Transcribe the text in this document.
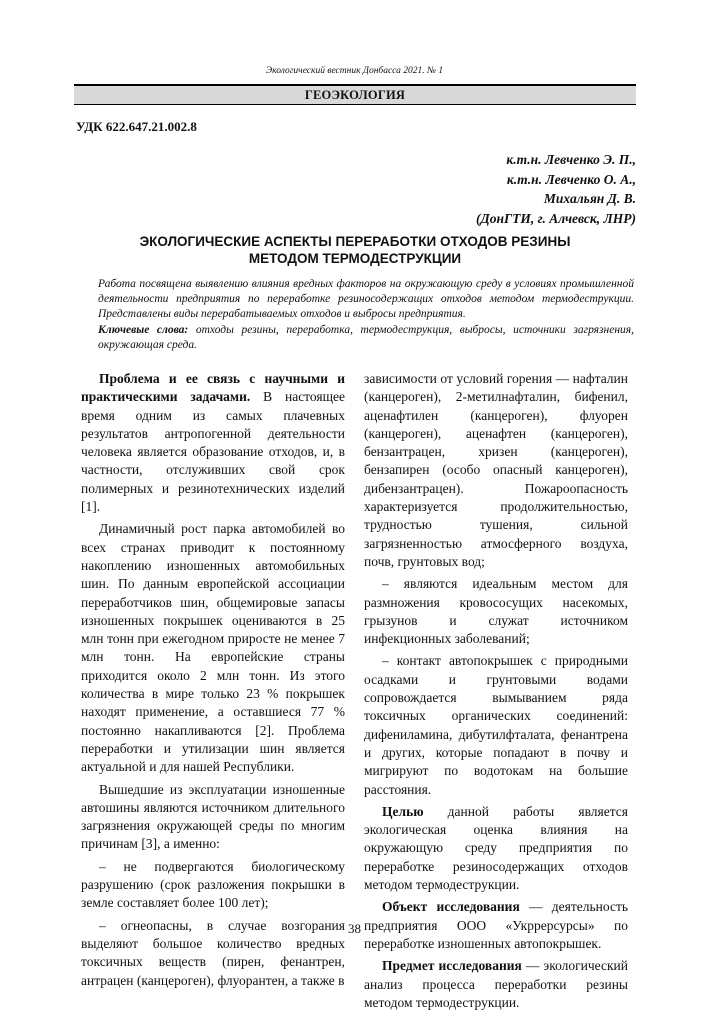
Экологический вестник Донбасса 2021. № 1
ГЕОЭКОЛОГИЯ
УДК 622.647.21.002.8
к.т.н. Левченко Э. П.,
к.т.н. Левченко О. А.,
Михальян Д. В.
(ДонГТИ, г. Алчевск, ЛНР)
ЭКОЛОГИЧЕСКИЕ АСПЕКТЫ ПЕРЕРАБОТКИ ОТХОДОВ РЕЗИНЫ
МЕТОДОМ ТЕРМОДЕСТРУКЦИИ
Работа посвящена выявлению влияния вредных факторов на окружающую среду в условиях промышленной деятельности предприятия по переработке резиносодержащих отходов методом термодеструкции. Представлены виды перерабатываемых отходов и выбросы предприятия.
Ключевые слова: отходы резины, переработка, термодеструкция, выбросы, источники загрязнения, окружающая среда.

Проблема и ее связь с научными и практическими задачами. В настоящее время одним из самых плачевных результатов антропогенной деятельности человека является образование отходов, и, в частности, отслуживших свой срок полимерных и резинотехнических изделий [1].

Динамичный рост парка автомобилей во всех странах приводит к постоянному накоплению изношенных автомобильных шин. По данным европейской ассоциации переработчиков шин, общемировые запасы изношенных покрышек оцениваются в 25 млн тонн при ежегодном приросте не менее 7 млн тонн. На европейские страны приходится около 2 млн тонн. Из этого количества в мире только 23 % покрышек находят применение, а оставшиеся 77 % постоянно накапливаются [2]. Проблема переработки и утилизации шин является актуальной и для нашей Республики.

Вышедшие из эксплуатации изношенные автошины являются источником длительного загрязнения окружающей среды по многим причинам [3], а именно:

– не подвергаются биологическому разрушению (срок разложения покрышки в земле составляет более 100 лет);

– огнеопасны, в случае возгорания выделяют большое количество вредных токсичных веществ (пирен, фенантрен, антрацен (канцероген), флуорантен, а также в

зависимости от условий горения — нафталин (канцероген), 2-метилнафталин, бифенил, аценафтилен (канцероген), флуорен (канцероген), аценафтен (канцероген), бензантрацен, хризен (канцероген), бензапирен (особо опасный канцероген), дибензантрацен). Пожароопасность характеризуется продолжительностью, трудностью тушения, сильной загрязненностью атмосферного воздуха, почв, грунтовых вод;

– являются идеальным местом для размножения кровососущих насекомых, грызунов и служат источником инфекционных заболеваний;

– контакт автопокрышек с природными осадками и грунтовыми водами сопровождается вымыванием ряда токсичных органических соединений: дифениламина, дибутилфталата, фенантрена и других, которые попадают в почву и мигрируют по водотокам на большие расстояния.

Целью данной работы является экологическая оценка влияния на окружающую среду предприятия по переработке резиносодержащих отходов методом термодеструкции.

Объект исследования — деятельность предприятия ООО «Укррерсурсы» по переработке изношенных автопокрышек.

Предмет исследования — экологический анализ процесса переработки резины методом термодеструкции.

38
